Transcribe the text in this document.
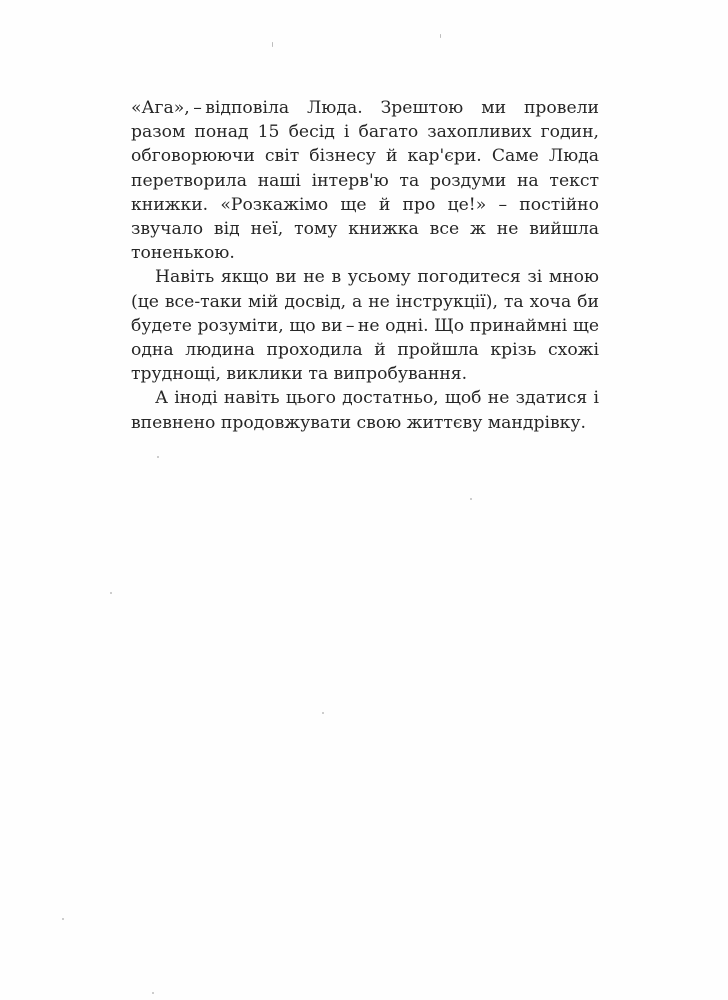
«Ага», – відповіла Люда. Зрештою ми провели разом понад 15 бесід і багато захопливих годин, обговорюючи світ бізнесу й кар'єри. Саме Люда перетворила наші інтерв'ю та роздуми на текст книжки. «Розкажімо ще й про це!» – постійно звучало від неї, тому книжка все ж не вийшла тоненькою.

Навіть якщо ви не в усьому погодитеся зі мною (це все-таки мій досвід, а не інструкції), та хоча би будете розуміти, що ви – не одні. Що принаймні ще одна людина проходила й пройшла крізь схожі труднощі, виклики та випробування.

А іноді навіть цього достатньо, щоб не здатися і впевнено продовжувати свою життєву мандрівку.
